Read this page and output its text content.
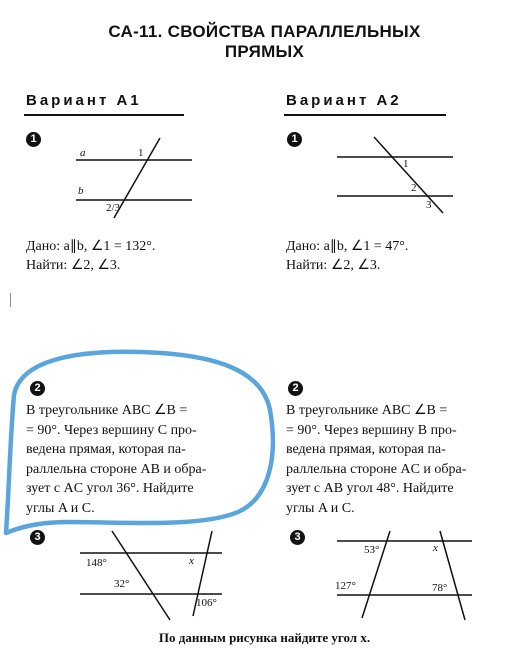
СА-11. СВОЙСТВА ПАРАЛЛЕЛЬНЫХ
ПРЯМЫХ
Вариант А1	Вариант А2
1	1
a
b
1
2/3
1
2
3
Дано: a∥b, ∠1 = 132°.
Найти: ∠2, ∠3.
Дано: a∥b, ∠1 = 47°.
Найти: ∠2, ∠3.
2	2
В треугольнике ABC ∠B =
= 90°. Через вершину C про-
ведена прямая, которая па-
раллельна стороне AB и обра-
зует с AC угол 36°. Найдите
углы A и C.
В треугольнике ABC ∠B =
= 90°. Через вершину B про-
ведена прямая, которая па-
раллельна стороне AC и обра-
зует с AB угол 48°. Найдите
углы A и C.
3	3
148°
32°
x
106°
53°	x
127°	78°
По данным рисунка найдите угол x.
